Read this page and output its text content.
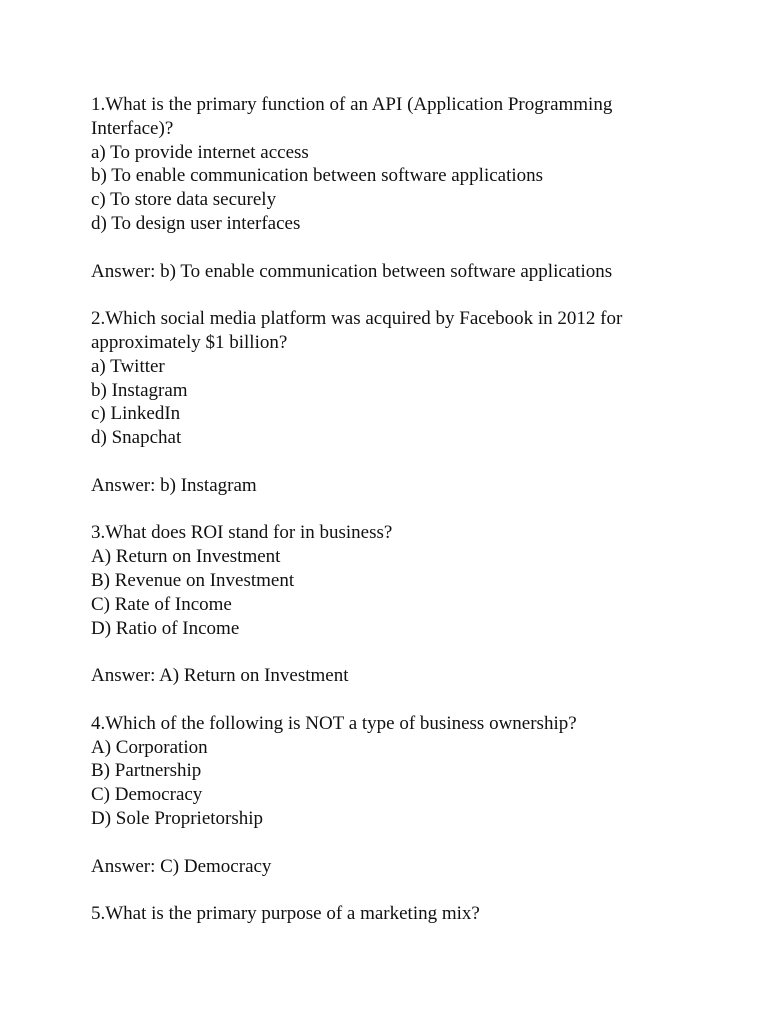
1.What is the primary function of an API (Application Programming Interface)?
a) To provide internet access
b) To enable communication between software applications
c) To store data securely
d) To design user interfaces
Answer: b) To enable communication between software applications
2.Which social media platform was acquired by Facebook in 2012 for approximately $1 billion?
a) Twitter
b) Instagram
c) LinkedIn
d) Snapchat
Answer: b) Instagram
3.What does ROI stand for in business?
A) Return on Investment
B) Revenue on Investment
C) Rate of Income
D) Ratio of Income
Answer: A) Return on Investment
4.Which of the following is NOT a type of business ownership?
A) Corporation
B) Partnership
C) Democracy
D) Sole Proprietorship
Answer: C) Democracy
5.What is the primary purpose of a marketing mix?
